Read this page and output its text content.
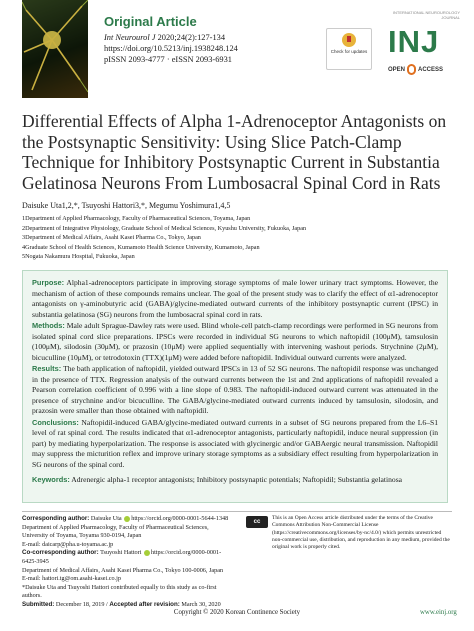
Original Article
Int Neurourol J 2020;24(2):127-134
https://doi.org/10.5213/inj.1938248.124
pISSN 2093-4777 · eISSN 2093-6931
Check for updates
INTERNATIONAL NEUROUROLOGY JOURNAL
INJ
OPEN ACCESS
Differential Effects of Alpha 1-Adrenoceptor Antagonists on the Postsynaptic Sensitivity: Using Slice Patch-Clamp Technique for Inhibitory Postsynaptic Current in Substantia Gelatinosa Neurons From Lumbosacral Spinal Cord in Rats
Daisuke Uta1,2,*, Tsuyoshi Hattori3,*, Megumu Yoshimura1,4,5
1Department of Applied Pharmacology, Faculty of Pharmaceutical Sciences, Toyama, Japan
2Department of Integrative Physiology, Graduate School of Medical Sciences, Kyushu University, Fukuoka, Japan
3Department of Medical Affairs, Asahi Kasei Pharma Co., Tokyo, Japan
4Graduate School of Health Sciences, Kumamoto Health Science University, Kumamoto, Japan
5Nogata Nakamura Hospital, Fukuoka, Japan

Purpose: Alpha1-adrenoceptors participate in improving storage symptoms of male lower urinary tract symptoms. However, the mechanism of action of these compounds remains unclear. The goal of the present study was to clarify the effect of α1-adrenoceptor antagonists on γ-aminobutyric acid (GABA)/glycine-mediated outward currents of the inhibitory postsynaptic current (IPSC) in substantia gelatinosa (SG) neurons from the lumbosacral spinal cord in rats.

Methods: Male adult Sprague-Dawley rats were used. Blind whole-cell patch-clamp recordings were performed in SG neurons from isolated spinal cord slice preparations. IPSCs were recorded in individual SG neurons to which naftopidil (100μM), tamsulosin (100μM), silodosin (30μM), or prazosin (10μM) were applied sequentially with intervening washout periods. Strychnine (2μM), bicuculline (10μM), or tetrodotoxin (TTX)(1μM) were added before naftopidil. Individual outward currents were analyzed.

Results: The bath application of naftopidil, yielded outward IPSCs in 13 of 52 SG neurons. The naftopidil response was unchanged in the presence of TTX. Regression analysis of the outward currents between the 1st and 2nd applications of naftopidil revealed a Pearson correlation coefficient of 0.996 with a line slope of 0.983. The naftopidil-induced outward current was attenuated in the presence of strychnine and/or bicuculline. The GABA/glycine-mediated outward currents induced by tamsulosin, silodosin, and prazosin were smaller than those obtained with naftopidil.

Conclusions: Naftopidil-induced GABA/glycine-mediated outward currents in a subset of SG neurons prepared from the L6–S1 level of rat spinal cord. The results indicated that α1-adrenoceptor antagonists, particularly naftopidil, induce neural suppression (in part) by mediating hyperpolarization. The response is associated with glycinergic and/or GABAergic neural transmission. Naftopidil may suppress the micturition reflex and improve urinary storage symptoms as a subsidiary effect resulting from hyperpolarization in SG neurons of the spinal cord.

Keywords: Adrenergic alpha-1 receptor antagonists; Inhibitory postsynaptic potentials; Naftopidil; Substantia gelatinosa

Corresponding author: Daisuke Uta https://orcid.org/0000-0001-5644-1348
Department of Applied Pharmacology, Faculty of Pharmaceutical Sciences, University of Toyama, Toyama 930-0194, Japan
E-mail: daicarp@pha.u-toyama.ac.jp
Co-corresponding author: Tsuyoshi Hattori https://orcid.org/0000-0001-6425-3945
Department of Medical Affairs, Asahi Kasei Pharma Co., Tokyo 100-0006, Japan
E-mail: hattori.tg@om.asahi-kasei.co.jp
*Daisuke Uta and Tsuyoshi Hattori contributed equally to this study as co-first authors.
Submitted: December 18, 2019 / Accepted after revision: March 30, 2020
cc
This is an Open Access article distributed under the terms of the Creative Commons Attribution Non-Commercial License (https://creativecommons.org/licenses/by-nc/4.0/) which permits unrestricted non-commercial use, distribution, and reproduction in any medium, provided the original work is properly cited.
Copyright © 2020 Korean Continence Society	www.einj.org
